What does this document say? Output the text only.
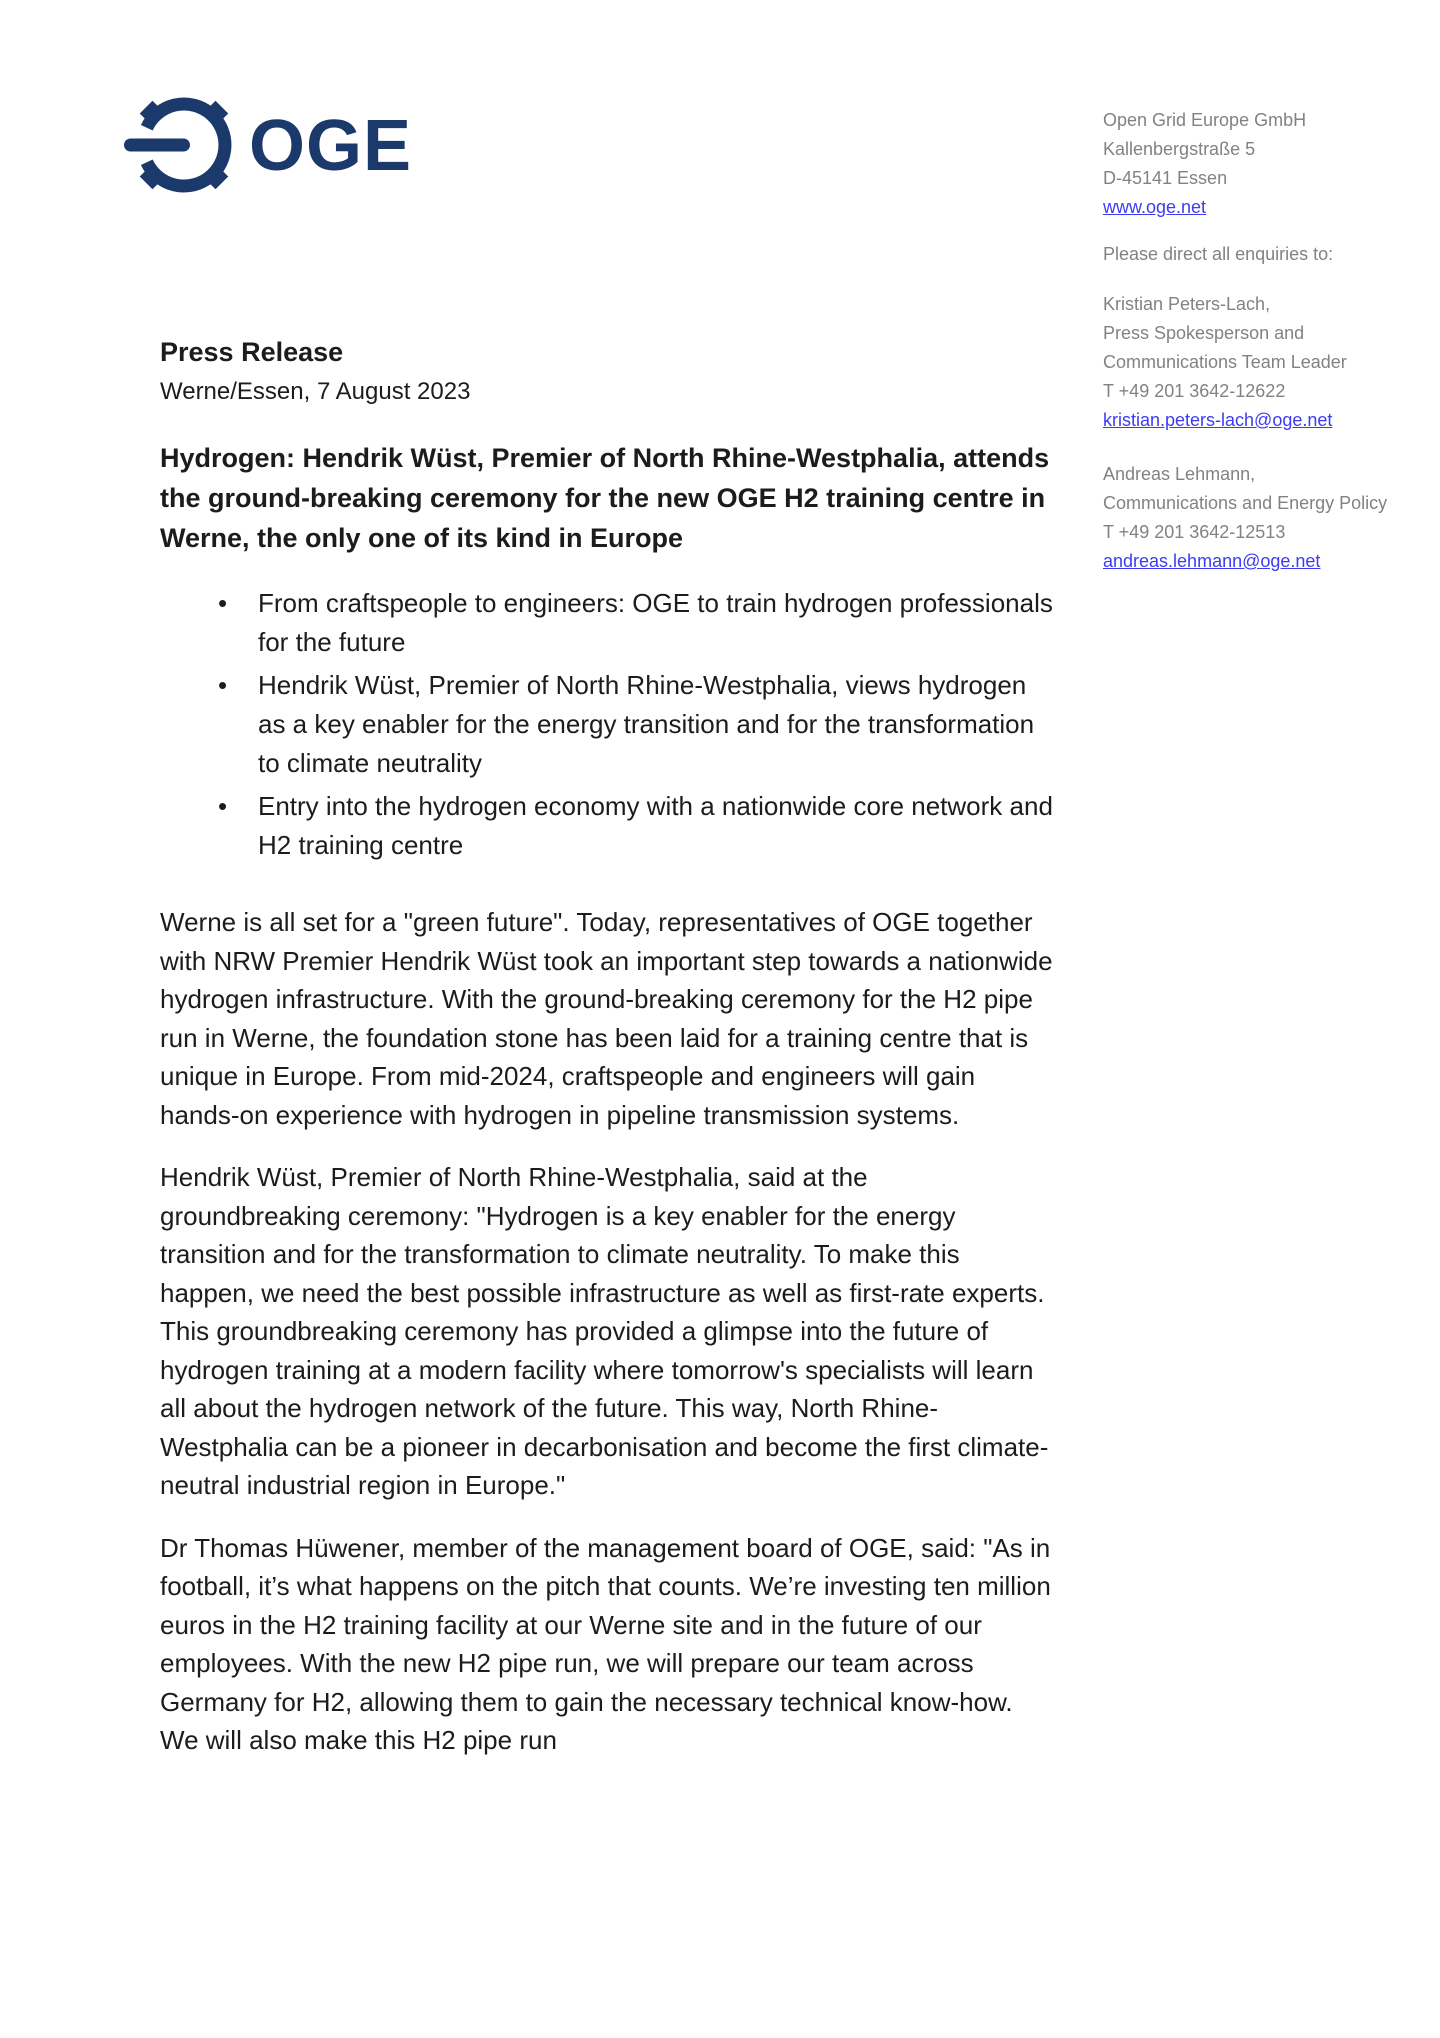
OGE	Open Grid Europe GmbH
Kallenbergstraße 5
D-45141 Essen
www.oge.net
Please direct all enquiries to:
Kristian Peters-Lach,
Press Spokesperson and
Communications Team Leader
T +49 201 3642-12622
kristian.peters-lach@oge.net
Andreas Lehmann,
Communications and Energy Policy
T +49 201 3642-12513
andreas.lehmann@oge.net
Press Release
Werne/Essen, 7 August 2023
Hydrogen: Hendrik Wüst, Premier of North Rhine-Westphalia, attends the ground-breaking ceremony for the new OGE H2 training centre in Werne, the only one of its kind in Europe
• From craftspeople to engineers: OGE to train hydrogen professionals for the future
• Hendrik Wüst, Premier of North Rhine-Westphalia, views hydrogen as a key enabler for the energy transition and for the transformation to climate neutrality
• Entry into the hydrogen economy with a nationwide core network and H2 training centre

Werne is all set for a "green future". Today, representatives of OGE together with NRW Premier Hendrik Wüst took an important step towards a nationwide hydrogen infrastructure. With the ground-breaking ceremony for the H2 pipe run in Werne, the foundation stone has been laid for a training centre that is unique in Europe. From mid-2024, craftspeople and engineers will gain hands-on experience with hydrogen in pipeline transmission systems.

Hendrik Wüst, Premier of North Rhine-Westphalia, said at the groundbreaking ceremony: "Hydrogen is a key enabler for the energy transition and for the transformation to climate neutrality. To make this happen, we need the best possible infrastructure as well as first-rate experts. This groundbreaking ceremony has provided a glimpse into the future of hydrogen training at a modern facility where tomorrow's specialists will learn all about the hydrogen network of the future. This way, North Rhine-Westphalia can be a pioneer in decarbonisation and become the first climate-neutral industrial region in Europe."

Dr Thomas Hüwener, member of the management board of OGE, said: "As in football, it’s what happens on the pitch that counts. We’re investing ten million euros in the H2 training facility at our Werne site and in the future of our employees. With the new H2 pipe run, we will prepare our team across Germany for H2, allowing them to gain the necessary technical know-how. We will also make this H2 pipe run
